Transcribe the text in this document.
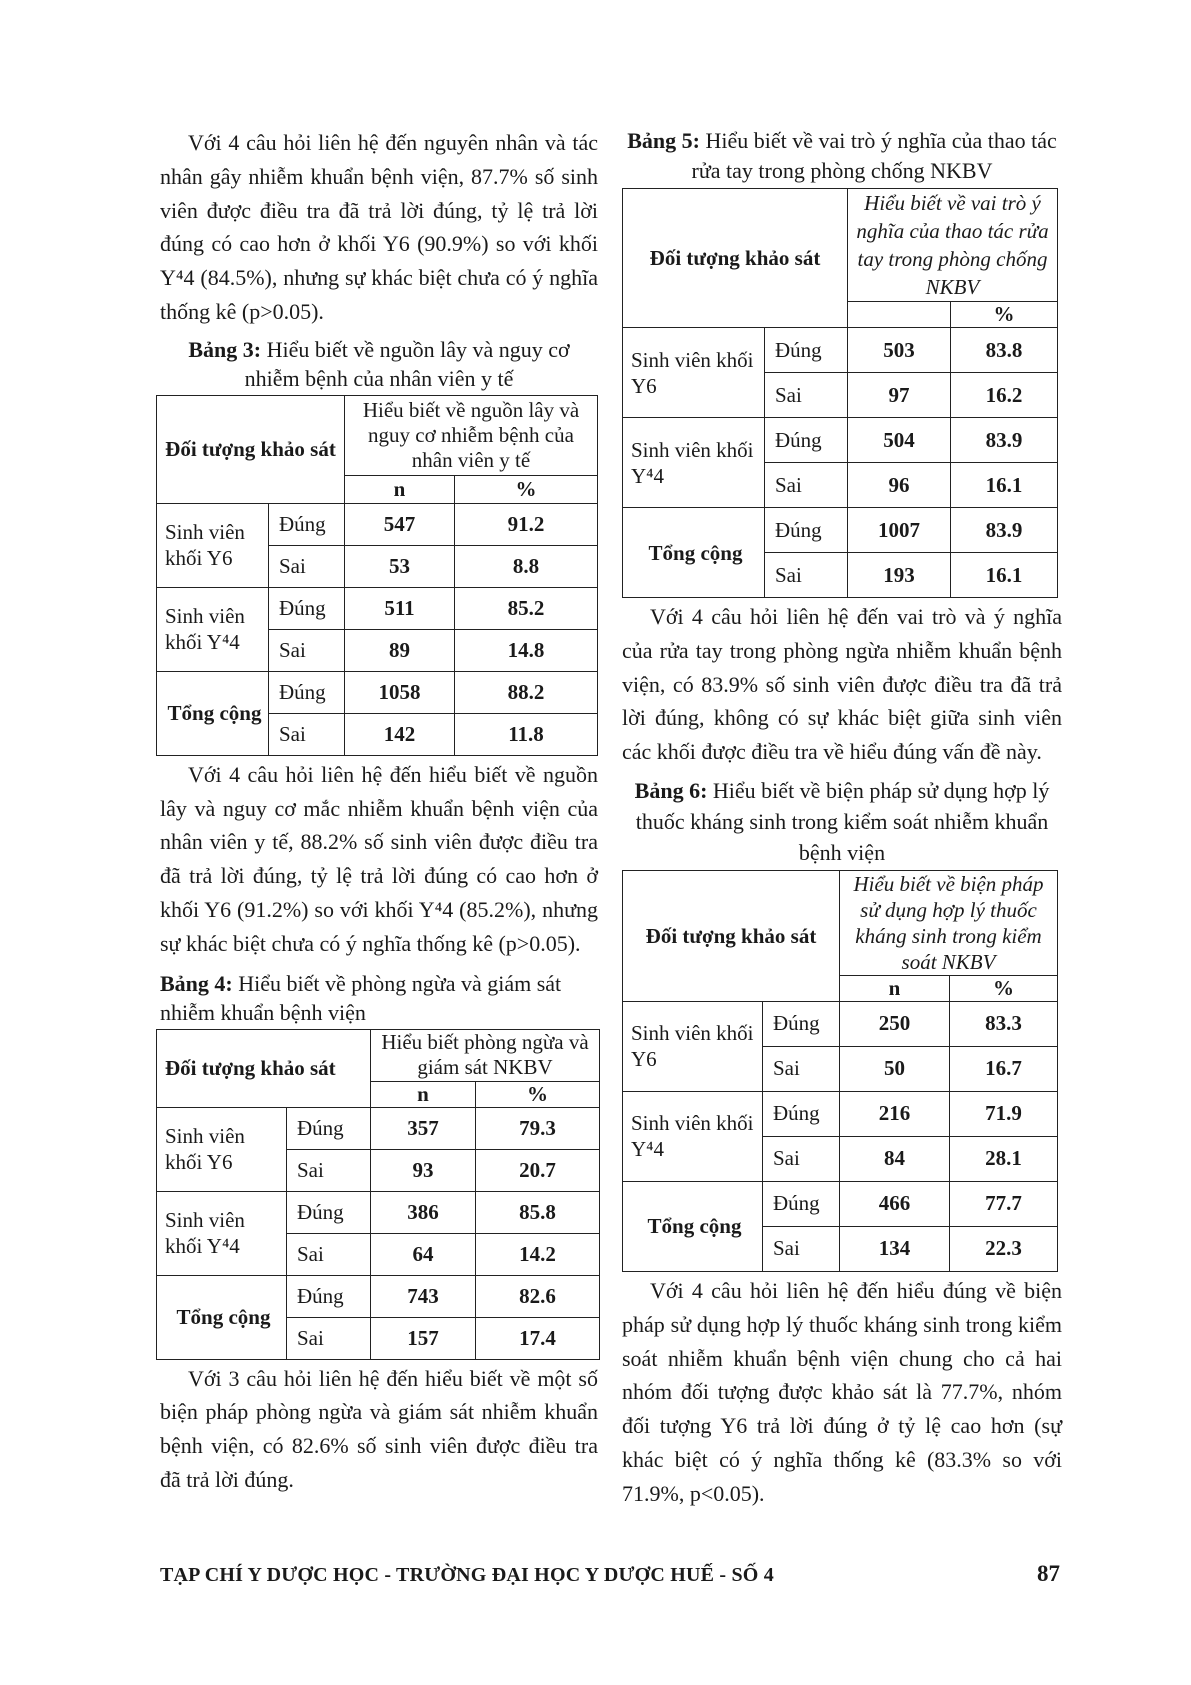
Với 4 câu hỏi liên hệ đến nguyên nhân và tác nhân gây nhiễm khuẩn bệnh viện, 87.7% số sinh viên được điều tra đã trả lời đúng, tỷ lệ trả lời đúng có cao hơn ở khối Y6 (90.9%) so với khối Y⁴4 (84.5%), nhưng sự khác biệt chưa có ý nghĩa thống kê (p>0.05).

Bảng 3: Hiểu biết về nguồn lây và nguy cơ nhiễm bệnh của nhân viên y tế
Đối tượng khảo sát		Hiểu biết về nguồn lây và nguy cơ nhiễm bệnh của nhân viên y tế	
		n	%
Sinh viên khối Y6	Đúng	547	91.2
	Sai	53	8.8
Sinh viên khối Y⁴4	Đúng	511	85.2
	Sai	89	14.8
Tổng cộng	Đúng	1058	88.2
	Sai	142	11.8

Với 4 câu hỏi liên hệ đến hiểu biết về nguồn lây và nguy cơ mắc nhiễm khuẩn bệnh viện của nhân viên y tế, 88.2% số sinh viên được điều tra đã trả lời đúng, tỷ lệ trả lời đúng có cao hơn ở khối Y6 (91.2%) so với khối Y⁴4 (85.2%), nhưng sự khác biệt chưa có ý nghĩa thống kê (p>0.05).

Bảng 4: Hiểu biết về phòng ngừa và giám sát nhiễm khuẩn bệnh viện
Đối tượng khảo sát		Hiểu biết phòng ngừa và giám sát NKBV	
		n	%
Sinh viên khối Y6	Đúng	357	79.3
	Sai	93	20.7
Sinh viên khối Y⁴4	Đúng	386	85.8
	Sai	64	14.2
Tổng cộng	Đúng	743	82.6
	Sai	157	17.4

Với 3 câu hỏi liên hệ đến hiểu biết về một số biện pháp phòng ngừa và giám sát nhiễm khuẩn bệnh viện, có 82.6% số sinh viên được điều tra đã trả lời đúng.

Bảng 5: Hiểu biết về vai trò ý nghĩa của thao tác rửa tay trong phòng chống NKBV
Đối tượng khảo sát		Hiểu biết về vai trò ý nghĩa của thao tác rửa tay trong phòng chống NKBV	
			%
Sinh viên khối Y6	Đúng	503	83.8
	Sai	97	16.2
Sinh viên khối Y⁴4	Đúng	504	83.9
	Sai	96	16.1
Tổng cộng	Đúng	1007	83.9
	Sai	193	16.1

Với 4 câu hỏi liên hệ đến vai trò và ý nghĩa của rửa tay trong phòng ngừa nhiễm khuẩn bệnh viện, có 83.9% số sinh viên được điều tra đã trả lời đúng, không có sự khác biệt giữa sinh viên các khối được điều tra về hiểu đúng vấn đề này.

Bảng 6: Hiểu biết về biện pháp sử dụng hợp lý thuốc kháng sinh trong kiểm soát nhiễm khuẩn bệnh viện
Đối tượng khảo sát		Hiểu biết về biện pháp sử dụng hợp lý thuốc kháng sinh trong kiểm soát NKBV	
		n	%
Sinh viên khối Y6	Đúng	250	83.3
	Sai	50	16.7
Sinh viên khối Y⁴4	Đúng	216	71.9
	Sai	84	28.1
Tổng cộng	Đúng	466	77.7
	Sai	134	22.3

Với 4 câu hỏi liên hệ đến hiểu đúng về biện pháp sử dụng hợp lý thuốc kháng sinh trong kiểm soát nhiễm khuẩn bệnh viện chung cho cả hai nhóm đối tượng được khảo sát là 77.7%, nhóm đối tượng Y6 trả lời đúng ở tỷ lệ cao hơn (sự khác biệt có ý nghĩa thống kê (83.3% so với 71.9%, p<0.05).

TẠP CHÍ Y DƯỢC HỌC - TRƯỜNG ĐẠI HỌC Y DƯỢC HUẾ - SỐ 4	87
